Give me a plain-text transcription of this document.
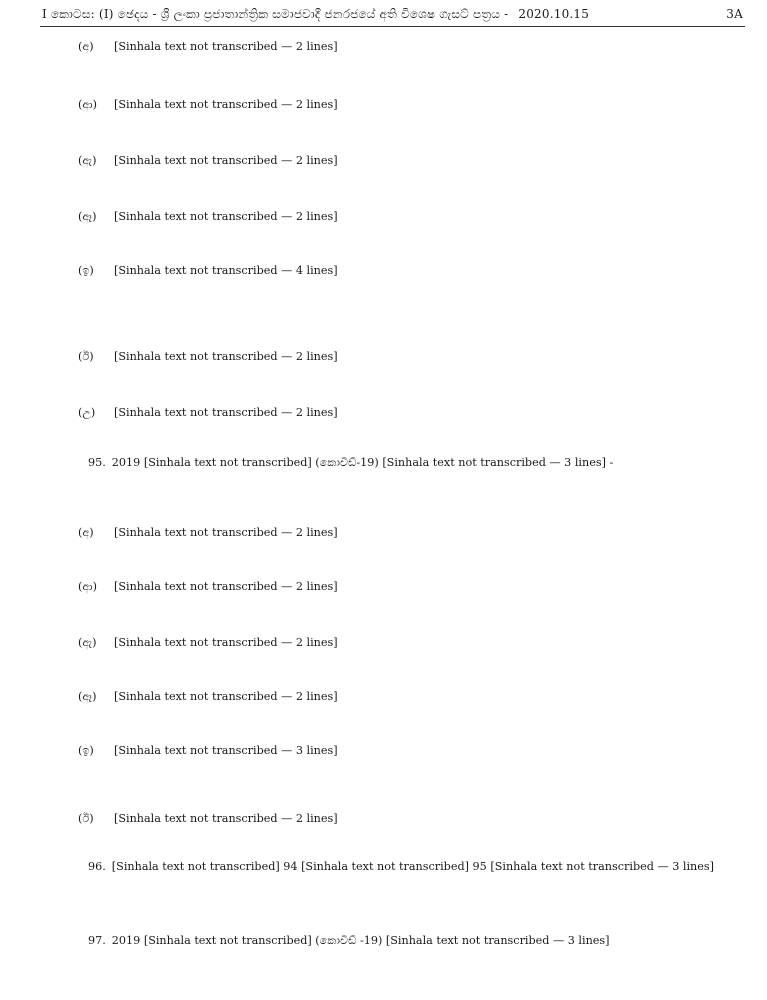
I කොටස: (I) ඡෙදය - ශ්‍රී ලංකා ප්‍රජාතාන්ත්‍රික සමාජවාදී ජනරජයේ අති විශෙෂ ගැසට් පත්‍රය - 2020.10.15	3A
(අ)	[Sinhala text not transcribed — 2 lines]
(ආ)	[Sinhala text not transcribed — 2 lines]
(ඇ)	[Sinhala text not transcribed — 2 lines]
(ඈ)	[Sinhala text not transcribed — 2 lines]
(ඉ)	[Sinhala text not transcribed — 4 lines]
(ඊ)	[Sinhala text not transcribed — 2 lines]
(උ)	[Sinhala text not transcribed — 2 lines]
95. 2019 [Sinhala text not transcribed] (කොවිඩ්-19) [Sinhala text not transcribed — 3 lines] -
(අ)	[Sinhala text not transcribed — 2 lines]
(ආ)	[Sinhala text not transcribed — 2 lines]
(ඇ)	[Sinhala text not transcribed — 2 lines]
(ඈ)	[Sinhala text not transcribed — 2 lines]
(ඉ)	[Sinhala text not transcribed — 3 lines]
(ඊ)	[Sinhala text not transcribed — 2 lines]
96. [Sinhala text not transcribed] 94 [Sinhala text not transcribed] 95 [Sinhala text not transcribed — 3 lines]
97. 2019 [Sinhala text not transcribed] (කොවිඩ් -19) [Sinhala text not transcribed — 3 lines]
